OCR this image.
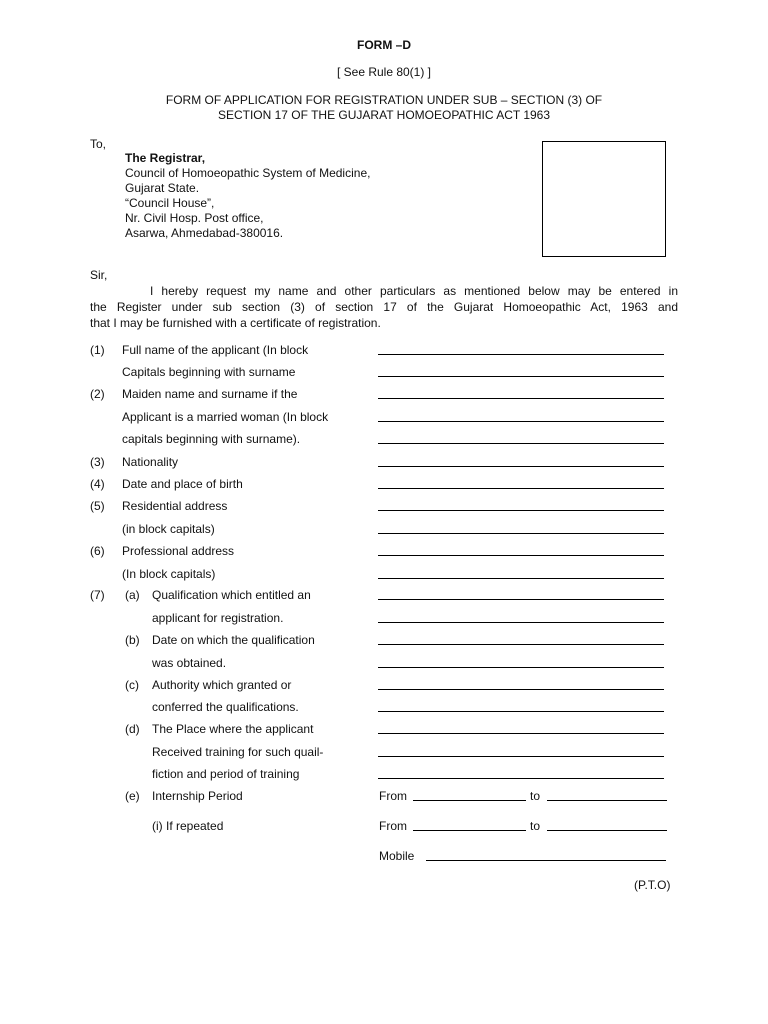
FORM –D
[ See Rule 80(1) ]
FORM OF APPLICATION FOR REGISTRATION UNDER SUB – SECTION (3) OF
SECTION 17 OF THE GUJARAT HOMOEOPATHIC ACT 1963
To,
The Registrar,
Council of Homoeopathic System of Medicine,
Gujarat State.
“Council House”,
Nr. Civil Hosp. Post office,
Asarwa, Ahmedabad-380016.
Sir,
I hereby request my name and other particulars as mentioned below may be entered in
the Register under sub section (3) of section 17 of the Gujarat Homoeopathic Act, 1963 and
that I may be furnished with a certificate of registration.
(1) Full name of the applicant (In block
Capitals beginning with surname
(2) Maiden name and surname if the
Applicant is a married woman (In block
capitals beginning with surname).
(3) Nationality
(4) Date and place of birth
(5) Residential address
(in block capitals)
(6) Professional address
(In block capitals)
(7) (a) Qualification which entitled an
applicant for registration.
(b) Date on which the qualification
was obtained.
(c) Authority which granted or
conferred the qualifications.
(d) The Place where the applicant
Received training for such quail-
fiction and period of training
(e) Internship Period
(i) If repeated
From	to
From	to
Mobile
(P.T.O)
